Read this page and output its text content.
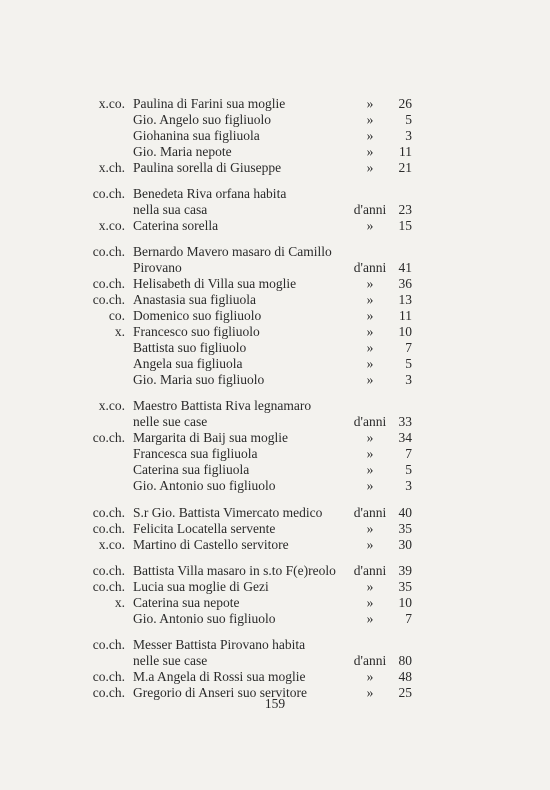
x.co. Paulina di Farini sua moglie	»	26
Gio. Angelo suo figliuolo	»	5
Giohanina sua figliuola	»	3
Gio. Maria nepote	»	11
x.ch. Paulina sorella di Giuseppe	»	21
co.ch. Benedeta Riva orfana habita
nella sua casa	d'anni 23
x.co. Caterina sorella	»	15
co.ch. Bernardo Mavero masaro di Camillo
Pirovano	d'anni 41
co.ch. Helisabeth di Villa sua moglie	»	36
co.ch. Anastasia sua figliuola	»	13
co. Domenico suo figliuolo	»	11
x. Francesco suo figliuolo	»	10
Battista suo figliuolo	»	7
Angela sua figliuola	»	5
Gio. Maria suo figliuolo	»	3
x.co. Maestro Battista Riva legnamaro
nelle sue case	d'anni 33
co.ch. Margarita di Baij sua moglie	»	34
Francesca sua figliuola	»	7
Caterina sua figliuola	»	5
Gio. Antonio suo figliuolo	»	3
co.ch. S.r Gio. Battista Vimercato medico d'anni 40
co.ch. Felicita Locatella servente	»	35
x.co. Martino di Castello servitore	»	30
co.ch. Battista Villa masaro in s.to F(e)reolo d'anni 39
co.ch. Lucia sua moglie di Gezi	»	35
x. Caterina sua nepote	»	10
Gio. Antonio suo figliuolo	»	7
co.ch. Messer Battista Pirovano habita
nelle sue case	d'anni 80
co.ch. M.a Angela di Rossi sua moglie	»	48
co.ch. Gregorio di Anseri suo servitore	»	25
159
